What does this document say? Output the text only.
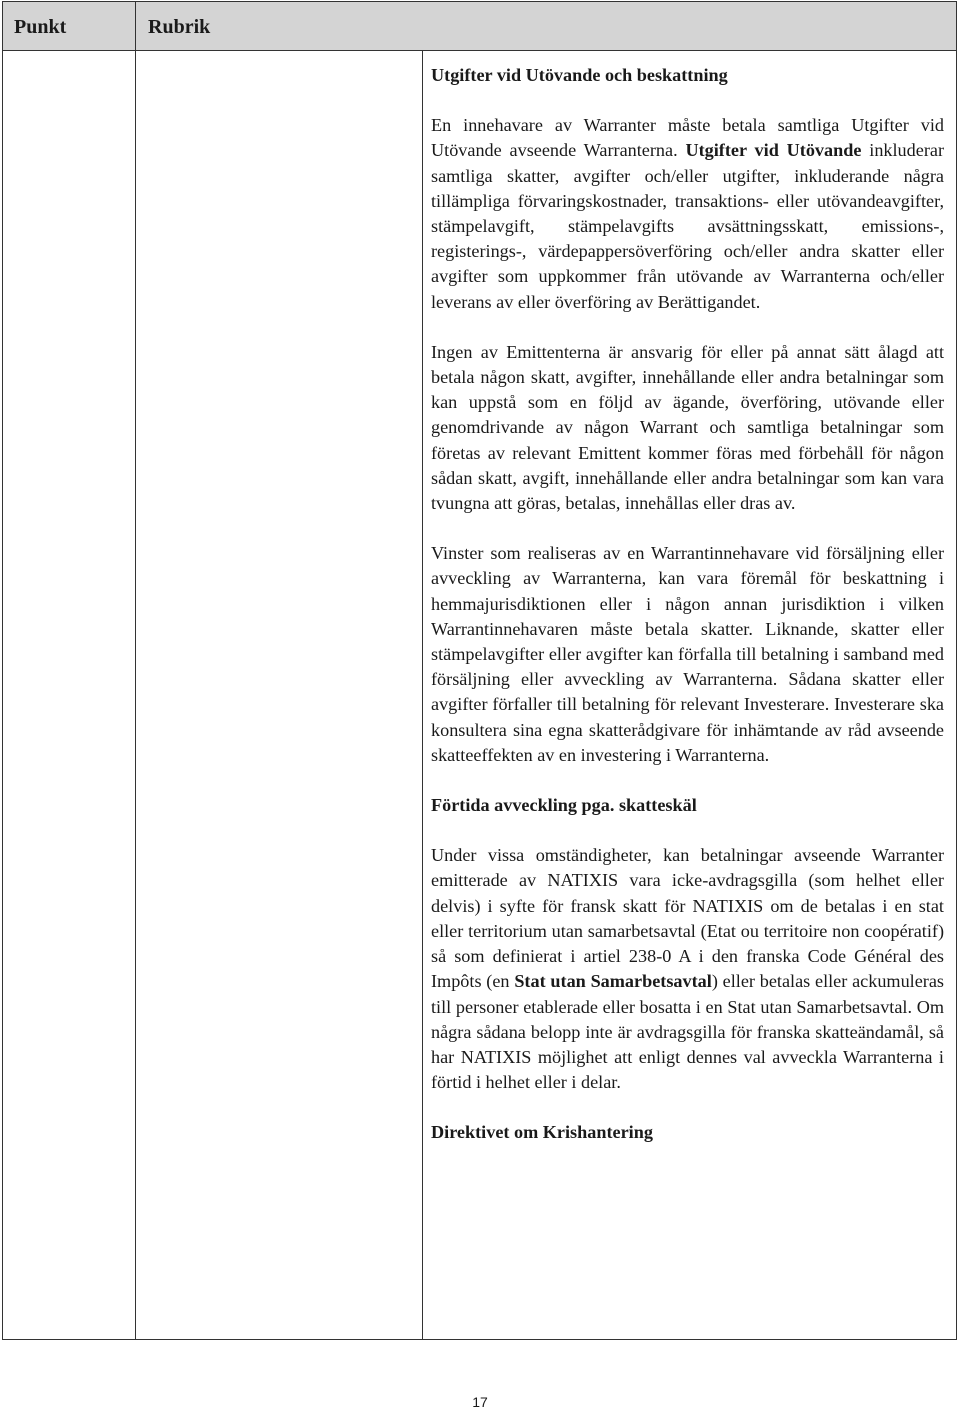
Punkt	Rubrik
Utgifter vid Utövande och beskattning

En innehavare av Warranter måste betala samtliga Utgifter vid Utövande avseende Warranterna. Utgifter vid Utövande inkluderar samtliga skatter, avgifter och/eller utgifter, inkluderande några tillämpliga förvaringskostnader, transaktions- eller utövandeavgifter, stämpelavgift, stämpelavgifts avsättningsskatt, emissions-, registerings-, värdepappersöverföring och/eller andra skatter eller avgifter som uppkommer från utövande av Warranterna och/eller leverans av eller överföring av Berättigandet.

Ingen av Emittenterna är ansvarig för eller på annat sätt ålagd att betala någon skatt, avgifter, innehållande eller andra betalningar som kan uppstå som en följd av ägande, överföring, utövande eller genomdrivande av någon Warrant och samtliga betalningar som företas av relevant Emittent kommer föras med förbehåll för någon sådan skatt, avgift, innehållande eller andra betalningar som kan vara tvungna att göras, betalas, innehållas eller dras av.

Vinster som realiseras av en Warrantinnehavare vid försäljning eller avveckling av Warranterna, kan vara föremål för beskattning i hemmajurisdiktionen eller i någon annan jurisdiktion i vilken Warrantinnehavaren måste betala skatter. Liknande, skatter eller stämpelavgifter eller avgifter kan förfalla till betalning i samband med försäljning eller avveckling av Warranterna. Sådana skatter eller avgifter förfaller till betalning för relevant Investerare. Investerare ska konsultera sina egna skatterådgivare för inhämtande av råd avseende skatteeffekten av en investering i Warranterna.

Förtida avveckling pga. skatteskäl

Under vissa omständigheter, kan betalningar avseende Warranter emitterade av NATIXIS vara icke-avdragsgilla (som helhet eller delvis) i syfte för fransk skatt för NATIXIS om de betalas i en stat eller territorium utan samarbetsavtal (Etat ou territoire non coopératif) så som definierat i artiel 238-0 A i den franska Code Général des Impôts (en Stat utan Samarbetsavtal) eller betalas eller ackumuleras till personer etablerade eller bosatta i en Stat utan Samarbetsavtal. Om några sådana belopp inte är avdragsgilla för franska skatteändamål, så har NATIXIS möjlighet att enligt dennes val avveckla Warranterna i förtid i helhet eller i delar.

Direktivet om Krishantering
17
